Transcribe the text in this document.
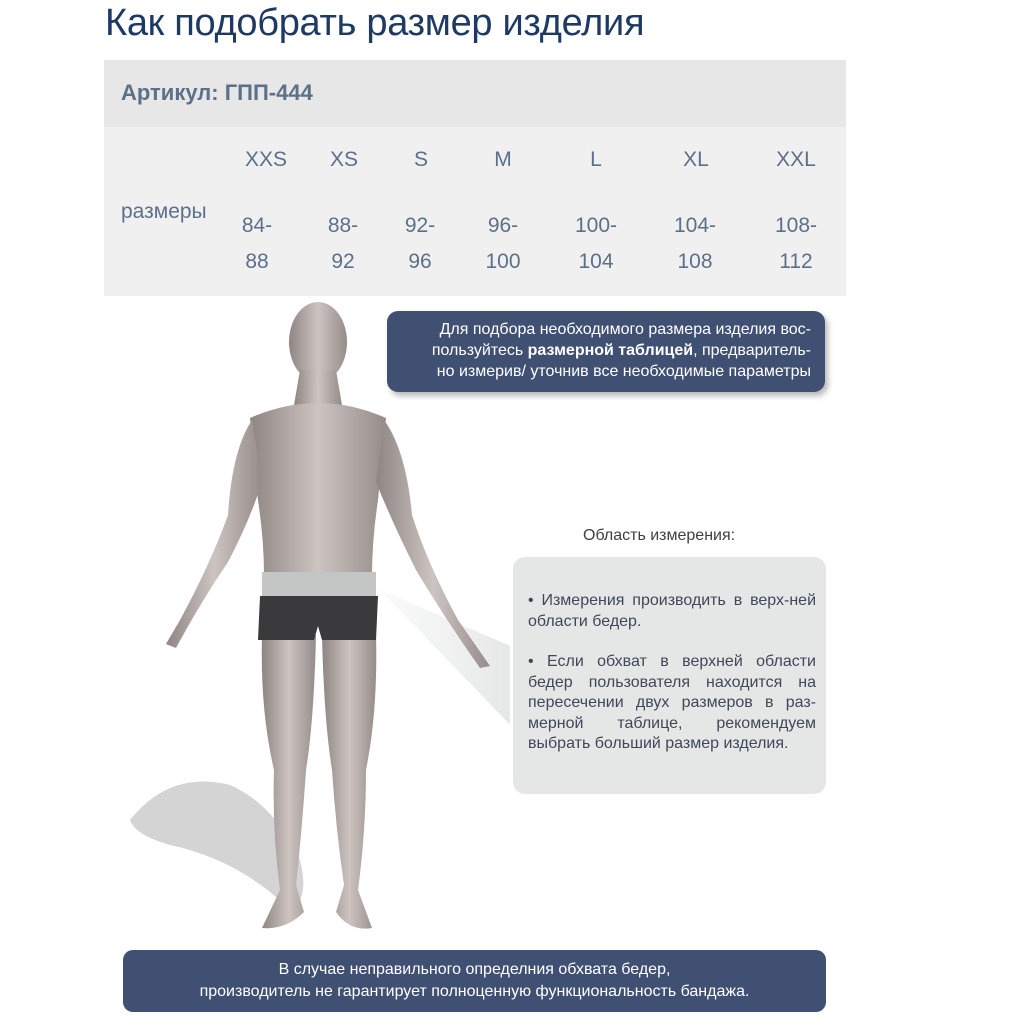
Как подобрать размер изделия
Артикул: ГПП-444
размеры
XXS
84-
88
XS
88-
92
S
92-
96
M
96-
100
L
100-
104
XL
104-
108
XXL
108-
112
Для подбора необходимого размера изделия вос-
пользуйтесь размерной таблицей, предваритель-
но измерив/ уточнив все необходимые параметры
Область измерения:

• Измерения производить в верх-ней области бедер.

• Если обхват в верхней области бедер пользователя находится на пересечении двух размеров в раз-мерной таблице, рекомендуем выбрать больший размер изделия.

В случае неправильного определния обхвата бедер,
производитель не гарантирует полноценную функциональность бандажа.
